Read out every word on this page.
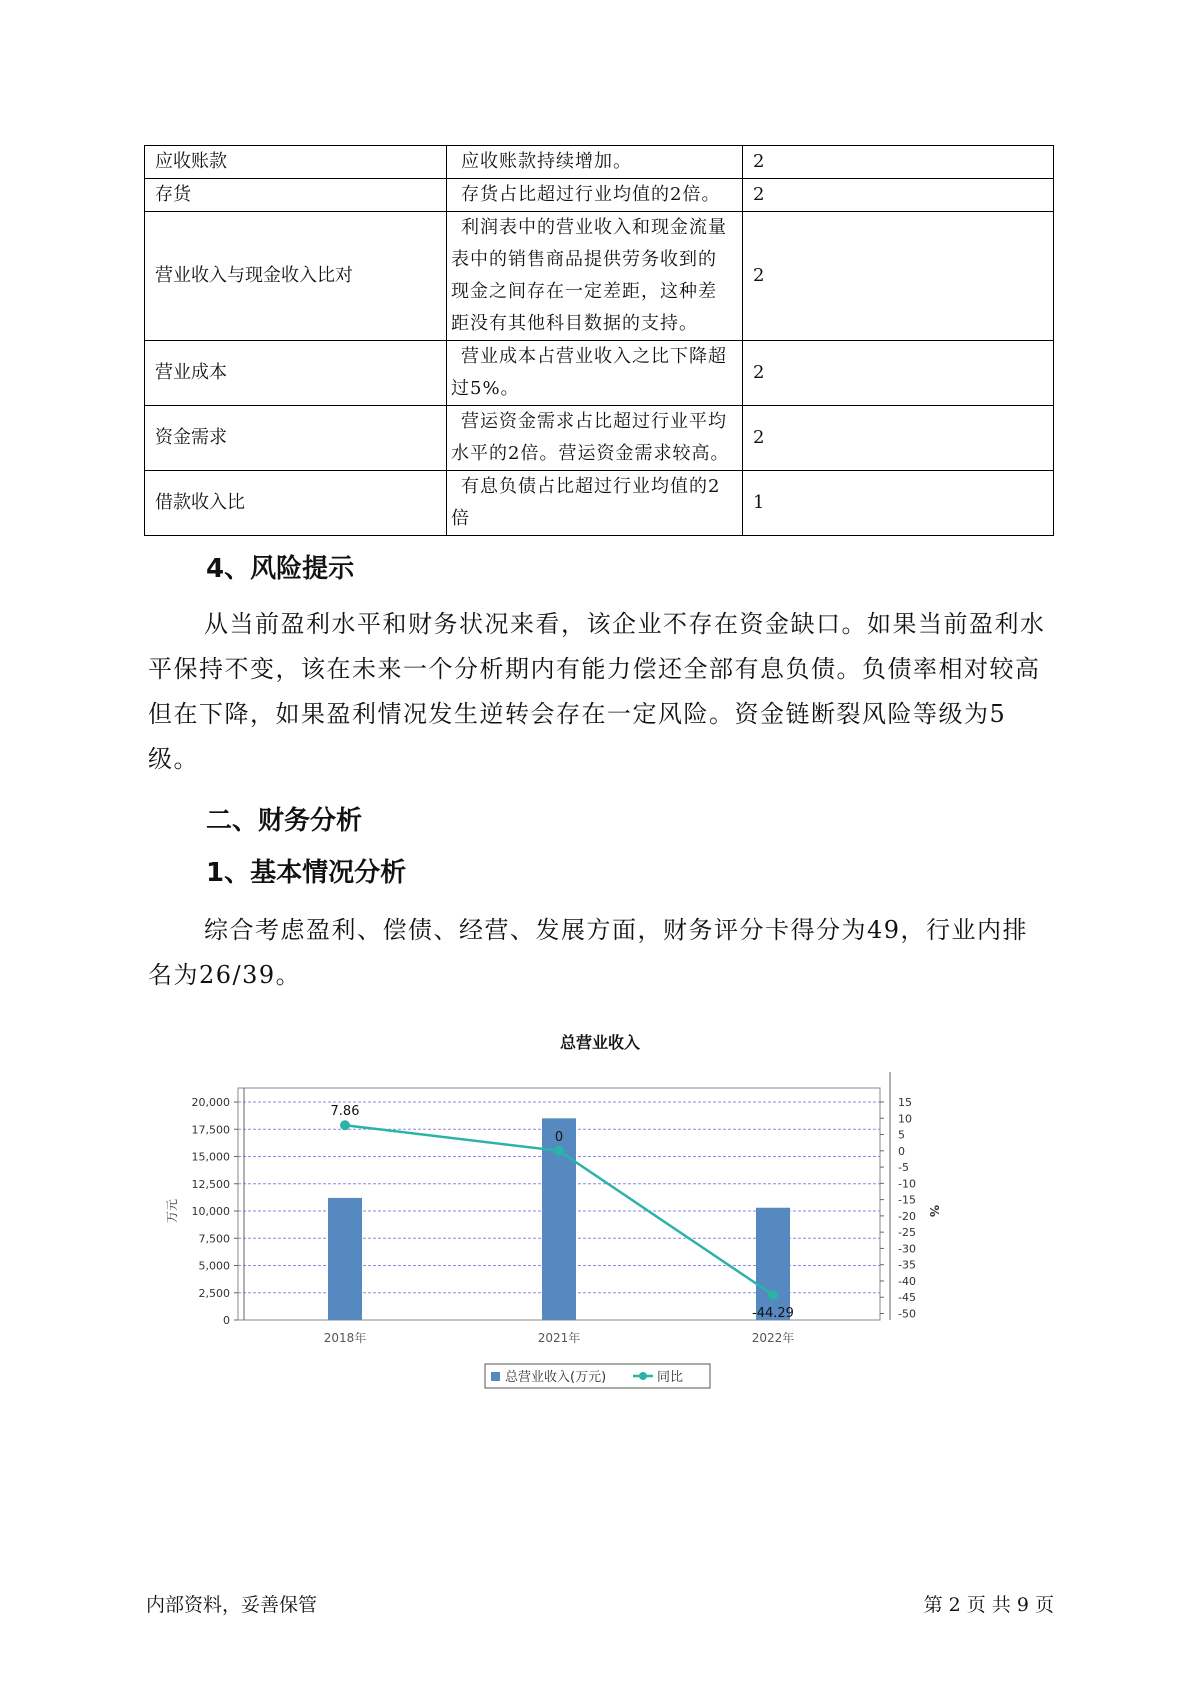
应收账款	应收账款持续增加。	2
存货	存货占比超过行业均值的2倍。	2
营业收入与现金收入比对	利润表中的营业收入和现金流量表中的销售商品提供劳务收到的现金之间存在一定差距，这种差距没有其他科目数据的支持。	2
营业成本	营业成本占营业收入之比下降超过5%。	2
资金需求	营运资金需求占比超过行业平均水平的2倍。营运资金需求较高。	2
借款收入比	有息负债占比超过行业均值的2倍	1
4、风险提示

从当前盈利水平和财务状况来看，该企业不存在资金缺口。如果当前盈利水平保持不变，该在未来一个分析期内有能力偿还全部有息负债。负债率相对较高但在下降，如果盈利情况发生逆转会存在一定风险。资金链断裂风险等级为5级。

二、财务分析
1、基本情况分析

综合考虑盈利、偿债、经营、发展方面，财务评分卡得分为49，行业内排名为26/39。

总营业收入
0
2,500
5,000
7,500
10,000
12,500
15,000
17,500
20,000	15
10
5
0
-5
-10
-15
-20
-25
-30
-35
-40
-45
-50
万元	%
2018年	2021年	2022年
7.86
0
-44.29
总营业收入(万元)	同比
内部资料，妥善保管	第 2 页 共 9 页
